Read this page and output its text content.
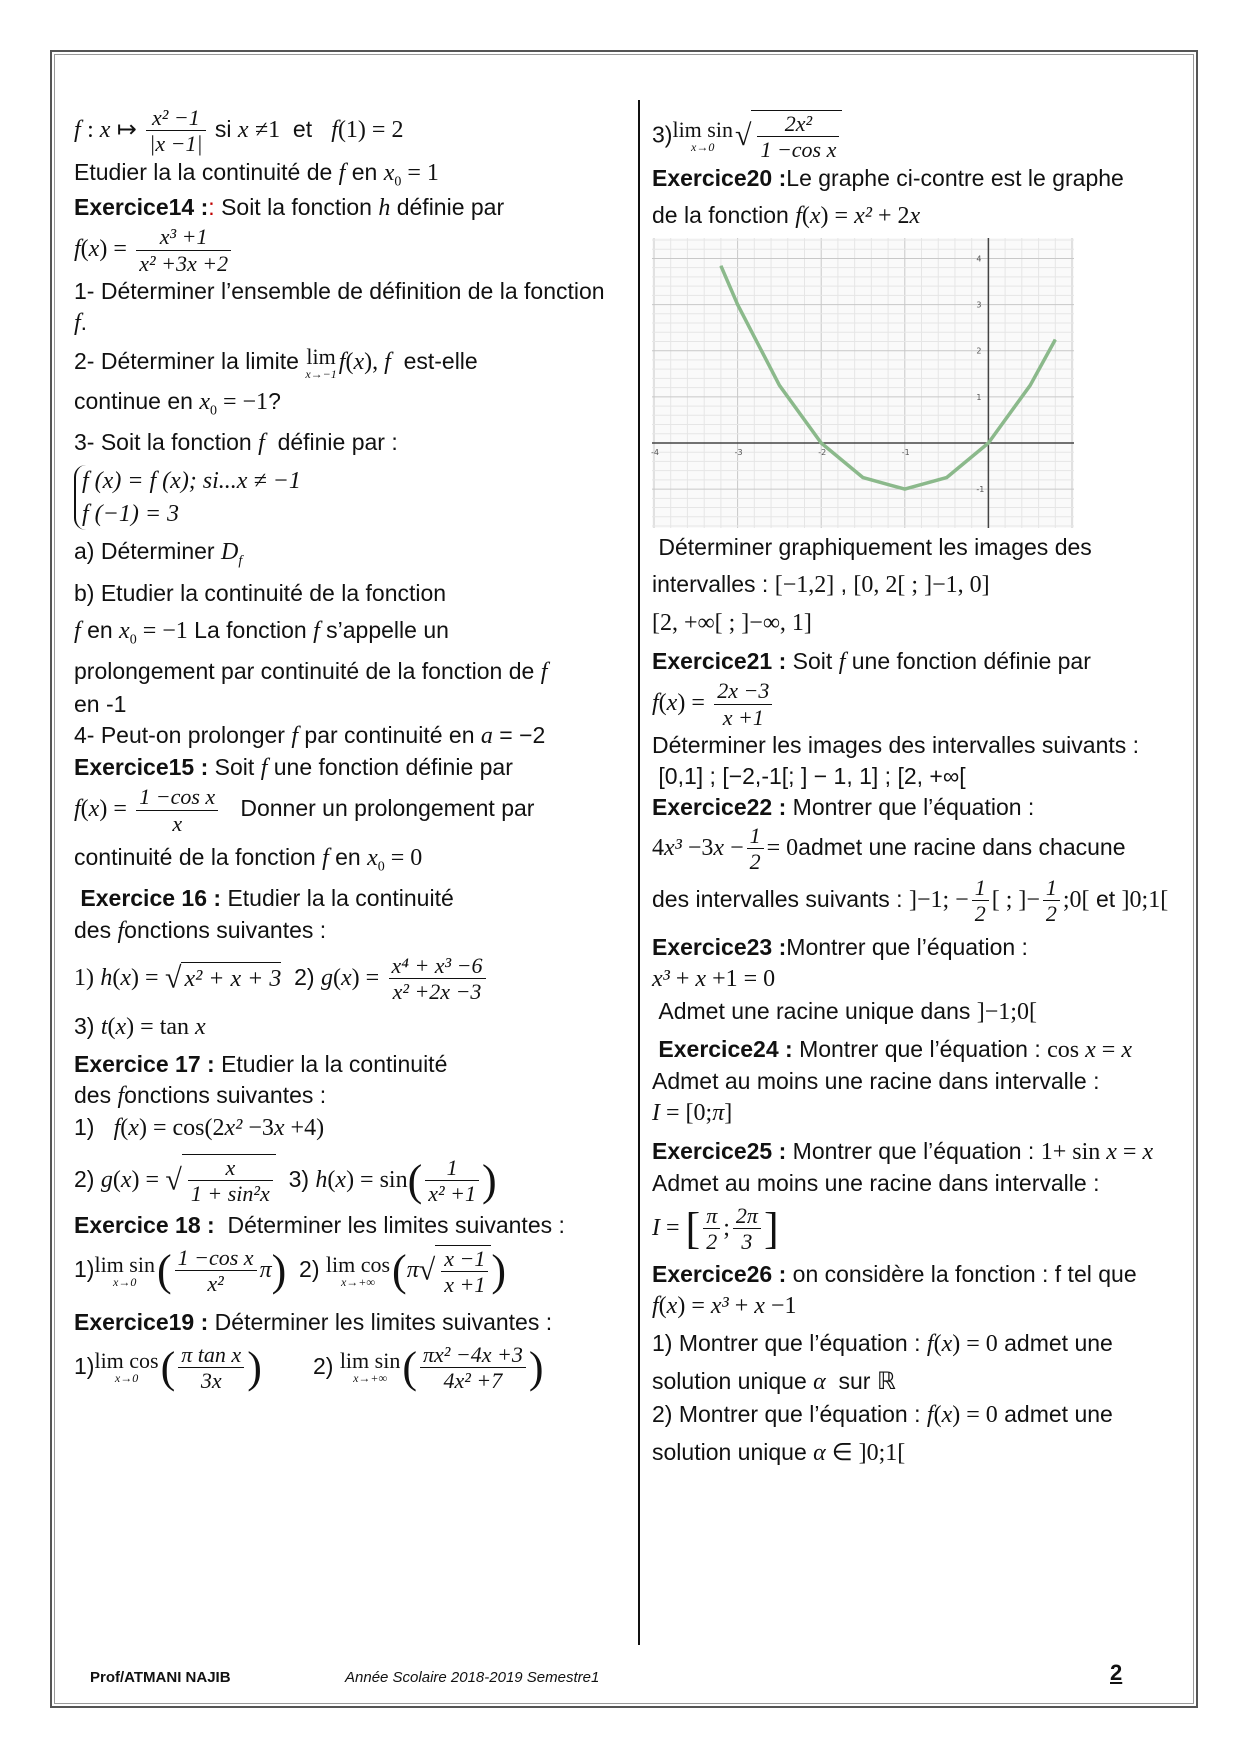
f : x ↦ $\frac{\text{x² −1}}{|x -1|}$ si x ≠1 et f(1) = 2
Etudier la la continuité de f en $x_0 = 1$
Exercice14 :: Soit la fonction h définie par
$f(x) = \frac{\text{x³ +1}}{\text{x² +3x +2}}$
1- Déterminer l’ensemble de définition de la fonction f.
2- Déterminer la limite lim
x→−1 f(x), f est-elle
continue en $x_0 = -1$?
3- Soit la fonction f définie par :
f (x) = f (x); si...x ≠ −1
f (−1) = 3
a) Déterminer $D_f$
b) Etudier la continuité de la fonction
f en $x_0 = -1$ La fonction f s’appelle un
prolongement par continuité de la fonction de f
en -1
4- Peut-on prolonger f par continuité en a = −2
Exercice15 : Soit f une fonction définie par
$f(x) = \frac{\text{1 −cos x}}{x}$ Donner un prolongement par
continuité de la fonction f en $x_0 = 0$
Exercice 16 : Etudier la la continuité
des fonctions suivantes :
1) h(x) = √ x² + x + 3 2) $g(x) = \frac{\text{x⁴ + x³ −6}}{\text{x² +2x −3}}$
3) t(x) = tan x
Exercice 17 : Etudier la la continuité
des fonctions suivantes :
1) f(x) = cos(2x² −3x +4)
2) g(x) = √ $\frac{x}{\text{1 + sin²x}} 3$) $h(x) = \sin( \frac{1}{\text{x² +1}}$ )
Exercice 18 : Déterminer les limites suivantes :
1)lim sin
x→0 ( $\frac{\text{1 −cos x}}{\text{x²}} \pi$) 2) lim cos
x→+∞ ($\pi√ \frac{x -1}{x +1}$ )
Exercice19 : Déterminer les limites suivantes :
1)lim cos
x→0 ( $\frac{\text{π tan x}}{3x}$ ) 2) lim sin
x→+∞ ( $\frac{\text{πx² −4x +3}}{\text{4x² +7}}$ )
3)lim sin
x→0 √ $\frac{\text{2x²}}{\text{1 −cos x}}$
Exercice20 :Le graphe ci-contre est le graphe
de la fonction f(x) = x² + 2x
-4	-3	-2	-1
-1
1
2
3
4
Déterminer graphiquement les images des
intervalles : [−1,2] , [0, 2[ ; ]−1, 0]
[2, +∞[ ; ]−∞, 1]
Exercice21 : Soit f une fonction définie par
$f(x) = \frac{2x -3}{x +1}$
Déterminer les images des intervalles suivants :
[0,1] ; [−2,-1[; ] − 1, 1] ; [2, +∞[
Exercice22 : Montrer que l’équation :
$4x^3 -3x - \frac{1}{2}$ = 0admet une racine dans chacune
des intervalles suivants : ]−1; − $\frac{1}{2}$ [ ; ]− $\frac{1}{2}$ ;0[ et ]0;1[
Exercice23 :Montrer que l’équation :
x³ + x +1 = 0
Admet une racine unique dans ]−1;0[
Exercice24 : Montrer que l’équation : cos x = x
Admet au moins une racine dans intervalle :
I = [0;π]
Exercice25 : Montrer que l’équation : 1+ sin x = x
Admet au moins une racine dans intervalle :
I = [ $\frac{\pi}{2}$ ; $\frac{2\pi}{3}$ ]
Exercice26 : on considère la fonction : f tel que
f(x) = x³ + x −1
1) Montrer que l’équation : f(x) = 0 admet une
solution unique α sur ℝ
2) Montrer que l’équation : f(x) = 0 admet une
solution unique α ∈ ]0;1[
Prof/ATMANI NAJIB	Année Scolaire 2018-2019 Semestre1	2
